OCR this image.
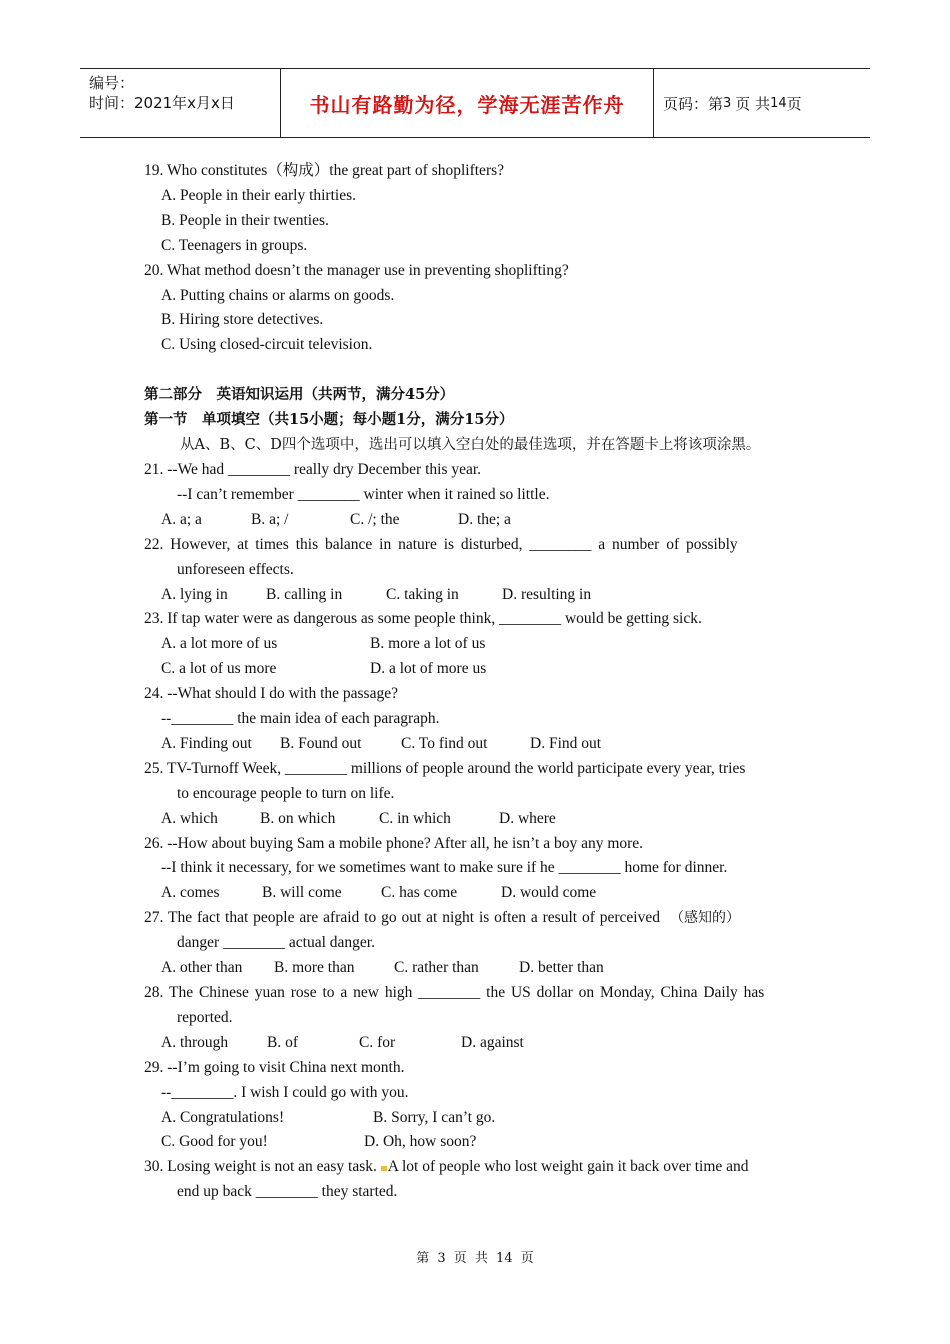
编号：
时间：2021年x月x日	书山有路勤为径，学海无涯苦作舟	页码：第 3 页 共 14 页
19. Who constitutes（构成）the great part of shoplifters?
A. People in their early thirties.
B. People in their twenties.
C. Teenagers in groups.
20. What method doesn’t the manager use in preventing shoplifting?
A. Putting chains or alarms on goods.
B. Hiring store detectives.
C. Using closed-circuit television.
第二部分　英语知识运用（共两节，满分45分）
第一节　单项填空（共15小题；每小题1分，满分15分）
从A、B、C、D四个选项中，选出可以填入空白处的最佳选项，并在答题卡上将该项涂黑。
21. --We had ________ really dry December this year.
--I can’t remember ________ winter when it rained so little.
A. a; a	B. a; /	C. /; the	D. the; a
22. However, at times this balance in nature is disturbed, ________ a number of possibly
unforeseen effects.
A. lying in	B. calling in	C. taking in	D. resulting in
23. If tap water were as dangerous as some people think, ________ would be getting sick.
A. a lot more of us	B. more a lot of us
C. a lot of us more	D. a lot of more us
24. --What should I do with the passage?
--________ the main idea of each paragraph.
A. Finding out	B. Found out	C. To find out	D. Find out
25. TV-Turnoff Week, ________ millions of people around the world participate every year, tries
to encourage people to turn on life.
A. which	B. on which	C. in which	D. where
26. --How about buying Sam a mobile phone? After all, he isn’t a boy any more.
--I think it necessary, for we sometimes want to make sure if he ________ home for dinner.
A. comes	B. will come	C. has come	D. would come
27. The fact that people are afraid to go out at night is often a result of perceived （感知的）
danger ________ actual danger.
A. other than	B. more than	C. rather than	D. better than
28. The Chinese yuan rose to a new high ________ the US dollar on Monday, China Daily has
reported.
A. through	B. of	C. for	D. against
29. --I’m going to visit China next month.
--________. I wish I could go with you.
A. Congratulations!	B. Sorry, I can’t go.
C. Good for you!	D. Oh, how soon?
30. Losing weight is not an easy task. A lot of people who lost weight gain it back over time and
end up back ________ they started.
第 3 页 共 14 页
